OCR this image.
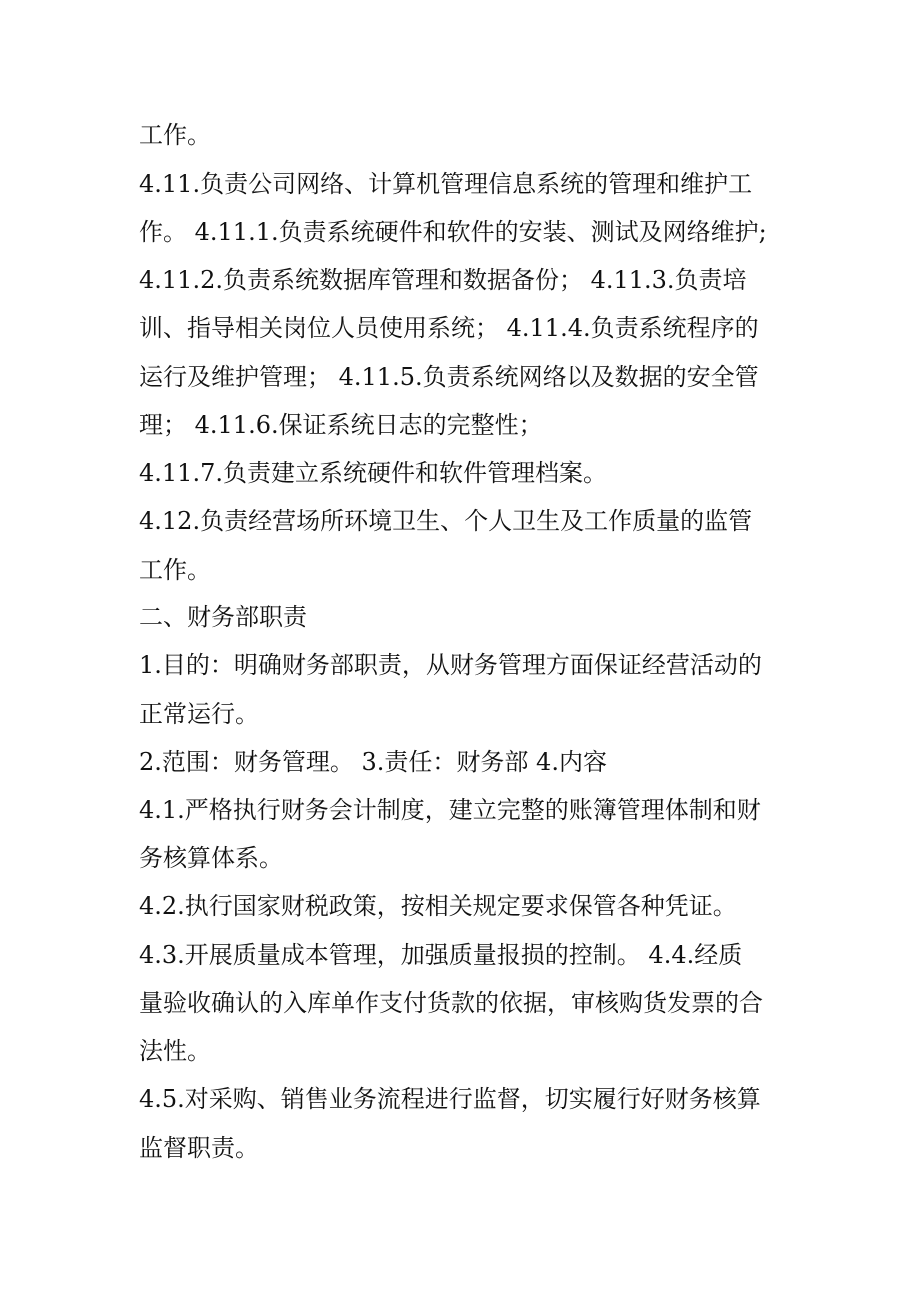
工作。
4.11.负责公司网络、计算机管理信息系统的管理和维护工
作。 4.11.1.负责系统硬件和软件的安装、测试及网络维护;
4.11.2.负责系统数据库管理和数据备份； 4.11.3.负责培
训、指导相关岗位人员使用系统； 4.11.4.负责系统程序的
运行及维护管理； 4.11.5.负责系统网络以及数据的安全管
理； 4.11.6.保证系统日志的完整性；
4.11.7.负责建立系统硬件和软件管理档案。
4.12.负责经营场所环境卫生、个人卫生及工作质量的监管
工作。
二、财务部职责
1.目的：明确财务部职责，从财务管理方面保证经营活动的
正常运行。
2.范围：财务管理。 3.责任：财务部 4.内容
4.1.严格执行财务会计制度，建立完整的账簿管理体制和财
务核算体系。
4.2.执行国家财税政策，按相关规定要求保管各种凭证。
4.3.开展质量成本管理，加强质量报损的控制。 4.4.经质
量验收确认的入库单作支付货款的依据，审核购货发票的合
法性。
4.5.对采购、销售业务流程进行监督，切实履行好财务核算
监督职责。
